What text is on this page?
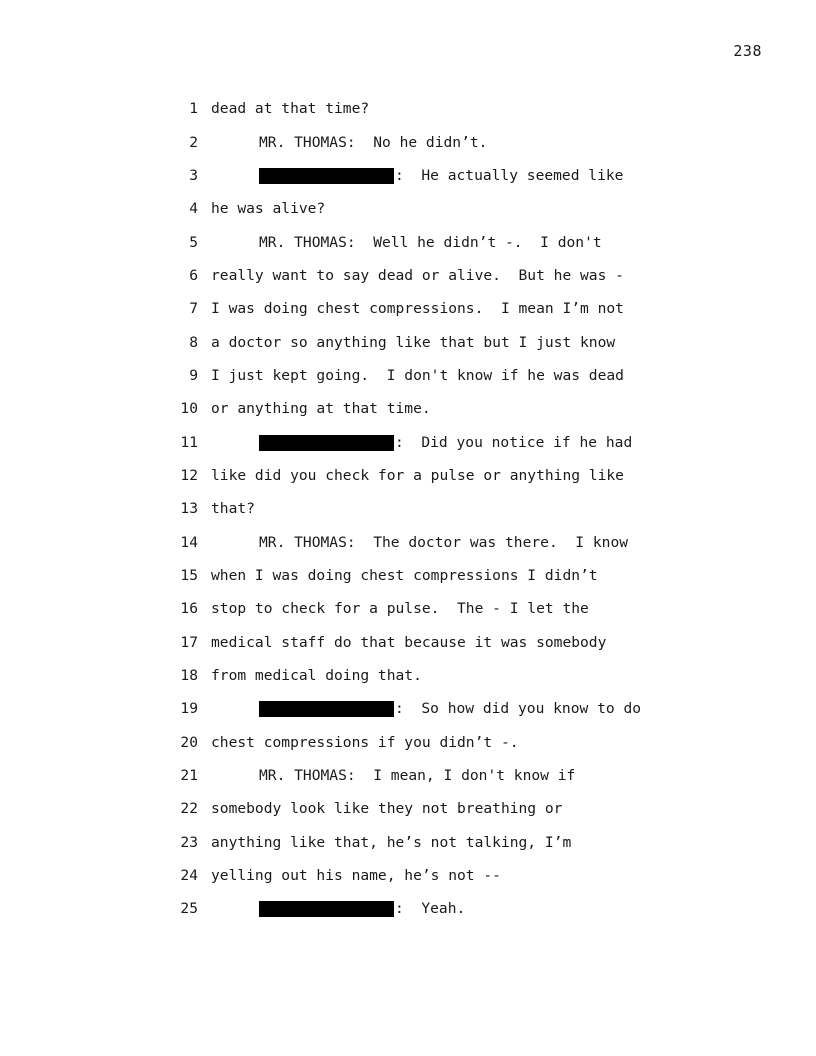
238
1 dead at that time?
2	MR. THOMAS:  No he didn’t.
3	:  He actually seemed like
4 he was alive?
5	MR. THOMAS:  Well he didn’t -.  I don't
6 really want to say dead or alive.  But he was -
7 I was doing chest compressions.  I mean I’m not
8 a doctor so anything like that but I just know
9 I just kept going.  I don't know if he was dead
10 or anything at that time.
11	:  Did you notice if he had
12 like did you check for a pulse or anything like
13 that?
14	MR. THOMAS:  The doctor was there.  I know
15 when I was doing chest compressions I didn’t
16 stop to check for a pulse.  The - I let the
17 medical staff do that because it was somebody
18 from medical doing that.
19	:  So how did you know to do
20 chest compressions if you didn’t -.
21	MR. THOMAS:  I mean, I don't know if
22 somebody look like they not breathing or
23 anything like that, he’s not talking, I’m
24 yelling out his name, he’s not --
25	:  Yeah.
